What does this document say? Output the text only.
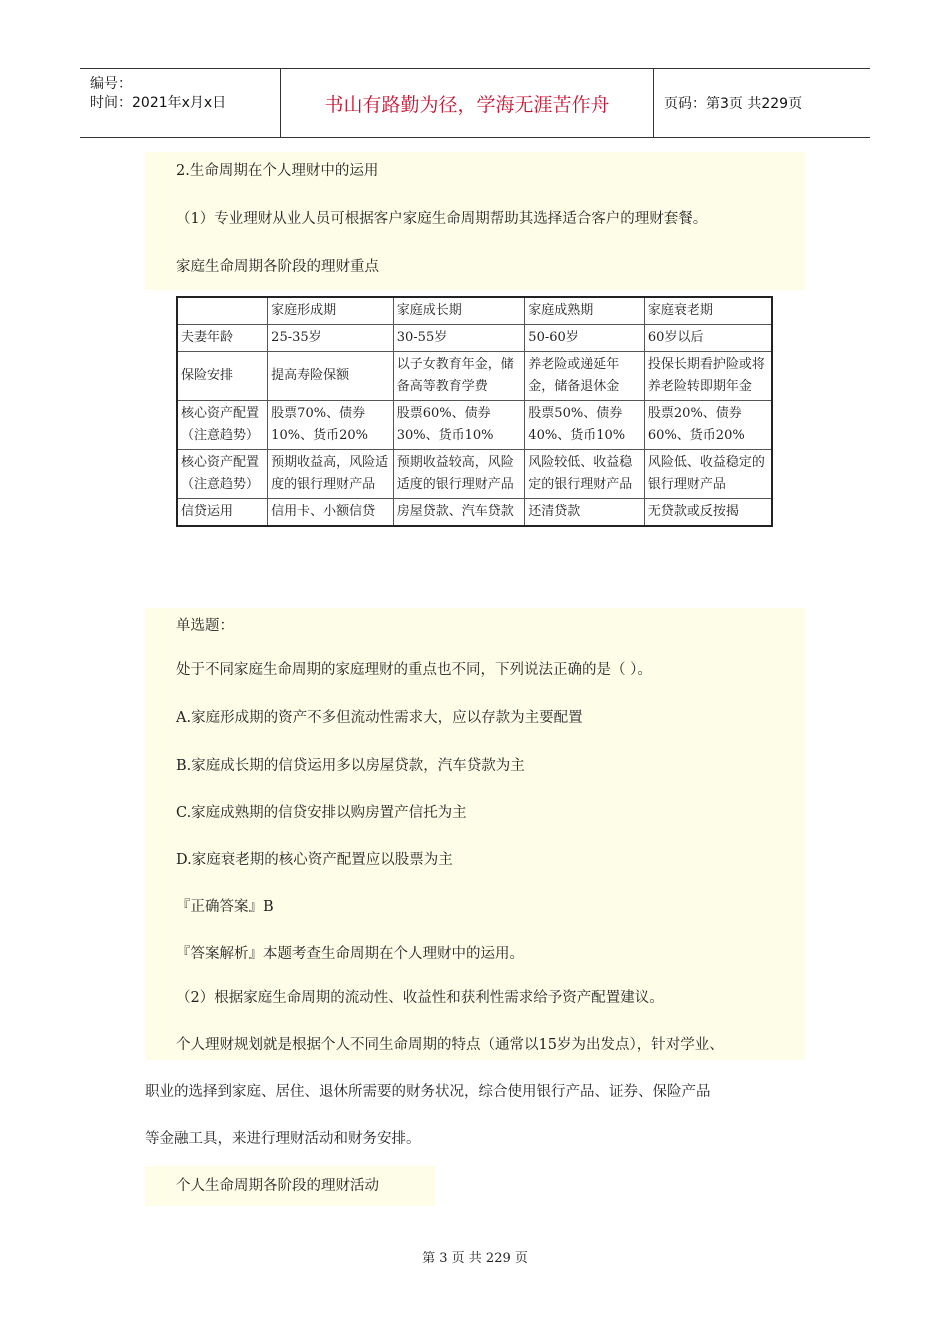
编号：
时间：2021年x月x日	书山有路勤为径，学海无涯苦作舟	页码：第3页 共229页
2.生命周期在个人理财中的运用
（1）专业理财从业人员可根据客户家庭生命周期帮助其选择适合客户的理财套餐。
家庭生命周期各阶段的理财重点
	家庭形成期	家庭成长期	家庭成熟期	家庭衰老期
夫妻年龄	25-35岁	30-55岁	50-60岁	60岁以后
保险安排	提高寿险保额	以子女教育年金，储备高等教育学费	养老险或递延年金，储备退休金	投保长期看护险或将养老险转即期年金
核心资产配置（注意趋势）	股票70%、债券10%、货币20%	股票60%、债券30%、货币10%	股票50%、债券40%、货币10%	股票20%、债券60%、货币20%
核心资产配置（注意趋势）	预期收益高，风险适度的银行理财产品	预期收益较高，风险适度的银行理财产品	风险较低、收益稳定的银行理财产品	风险低、收益稳定的银行理财产品
信贷运用	信用卡、小额信贷	房屋贷款、汽车贷款	还清贷款	无贷款或反按揭
单选题：
处于不同家庭生命周期的家庭理财的重点也不同，下列说法正确的是（ ）。
A.家庭形成期的资产不多但流动性需求大，应以存款为主要配置
B.家庭成长期的信贷运用多以房屋贷款，汽车贷款为主
C.家庭成熟期的信贷安排以购房置产信托为主
D.家庭衰老期的核心资产配置应以股票为主
『正确答案』B
『答案解析』本题考查生命周期在个人理财中的运用。
（2）根据家庭生命周期的流动性、收益性和获利性需求给予资产配置建议。
个人理财规划就是根据个人不同生命周期的特点（通常以15岁为出发点），针对学业、
职业的选择到家庭、居住、退休所需要的财务状况，综合使用银行产品、证券、保险产品
等金融工具，来进行理财活动和财务安排。
个人生命周期各阶段的理财活动
第 3 页 共 229 页
